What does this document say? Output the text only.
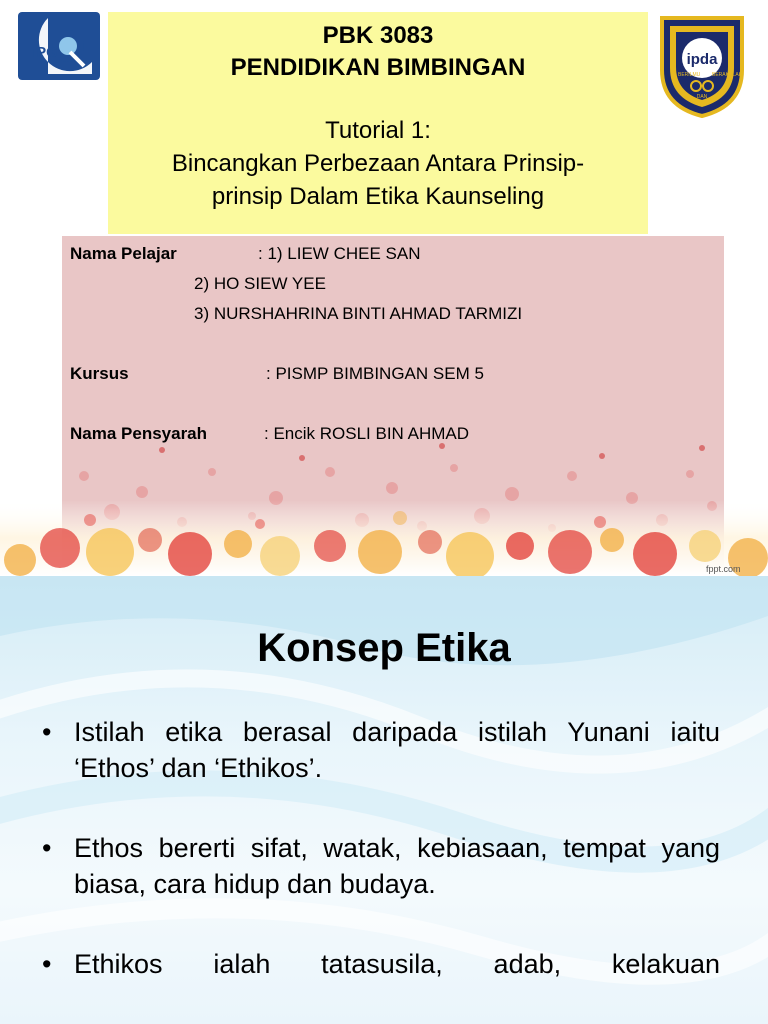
iPG
PBK 3083
PENDIDIKAN BIMBINGAN
Tutorial 1:
Bincangkan Perbezaan Antara Prinsip-
prinsip Dalam Etika Kaunseling
ipda
BERILMU BERAKHLAK
DAN
Nama Pelajar	: 1) LIEW CHEE SAN
2) HO SIEW YEE
3) NURSHAHRINA BINTI AHMAD TARMIZI
Kursus	: PISMP BIMBINGAN SEM 5
Nama Pensyarah	: Encik ROSLI BIN AHMAD
fppt.com
Konsep Etika
• Istilah etika berasal daripada istilah Yunani iaitu ‘Ethos’ dan ‘Ethikos’.
• Ethos bererti sifat, watak, kebiasaan, tempat yang biasa, cara hidup dan budaya.
• Ethikos ialah tatasusila, adab, kelakuan
